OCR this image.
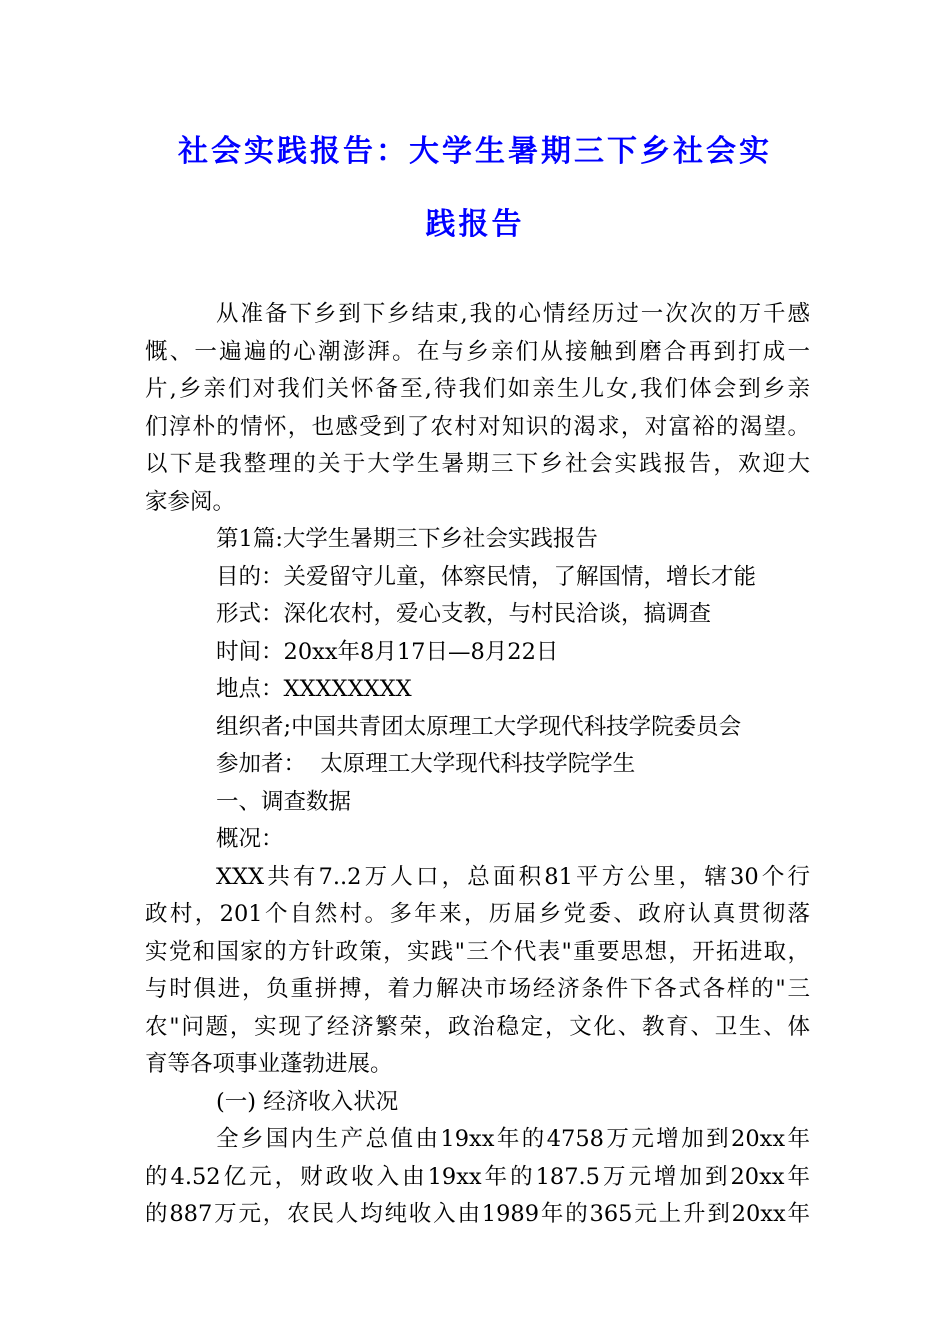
社会实践报告：大学生暑期三下乡社会实
践报告
从准备下乡到下乡结束,我的心情经历过一次次的万千感
慨、一遍遍的心潮澎湃。在与乡亲们从接触到磨合再到打成一
片,乡亲们对我们关怀备至,待我们如亲生儿女,我们体会到乡亲
们淳朴的情怀，也感受到了农村对知识的渴求，对富裕的渴望。
以下是我整理的关于大学生暑期三下乡社会实践报告，欢迎大
家参阅。
第1篇:大学生暑期三下乡社会实践报告
目的：关爱留守儿童，体察民情，了解国情，增长才能
形式：深化农村，爱心支教，与村民洽谈，搞调查
时间：20xx年8月17日—8月22日
地点：XXXXXXXX
组织者;中国共青团太原理工大学现代科技学院委员会
参加者：  太原理工大学现代科技学院学生
一、调查数据
概况：
XXX共有7..2万人口，总面积81平方公里，辖30个行
政村，201个自然村。多年来，历届乡党委、政府认真贯彻落
实党和国家的方针政策，实践"三个代表"重要思想，开拓进取，
与时俱进，负重拼搏，着力解决市场经济条件下各式各样的"三
农"问题，实现了经济繁荣，政治稳定，文化、教育、卫生、体
育等各项事业蓬勃进展。
(一) 经济收入状况
全乡国内生产总值由19xx年的4758万元增加到20xx年
的4.52亿元，财政收入由19xx年的187.5万元增加到20xx年
的887万元，农民人均纯收入由1989年的365元上升到20xx年
